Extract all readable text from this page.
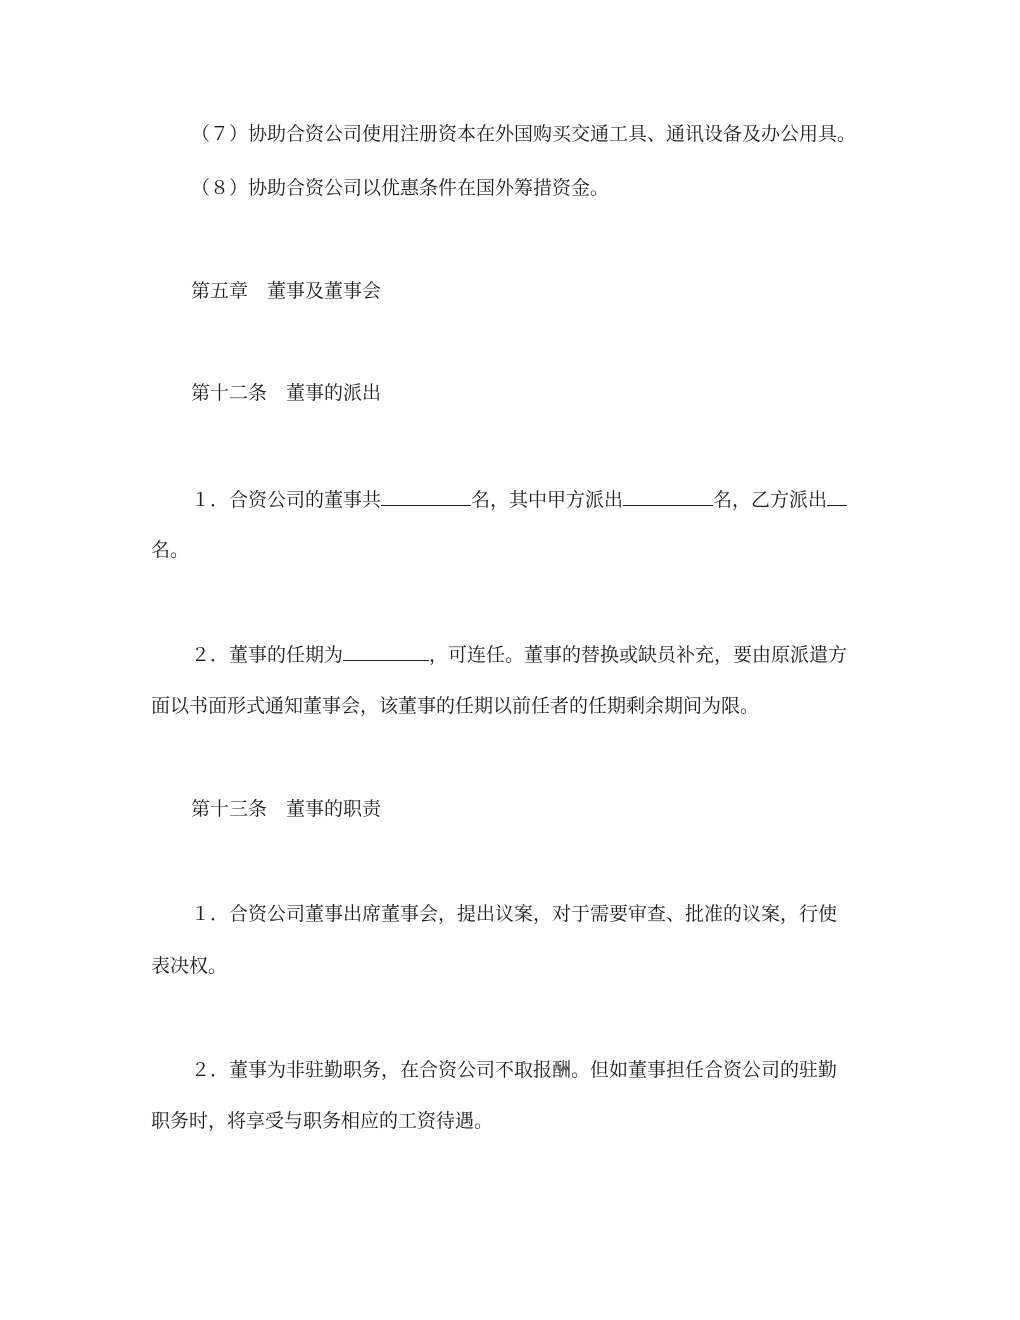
（７）协助合资公司使用注册资本在外国购买交通工具、通讯设备及办公用具。
（８）协助合资公司以优惠条件在国外筹措资金。
第五章　董事及董事会
第十二条　董事的派出
１．合资公司的董事共	名，其中甲方派出	名，乙方派出
名。
２．董事的任期为	，可连任。董事的替换或缺员补充，要由原派遣方
面以书面形式通知董事会，该董事的任期以前任者的任期剩余期间为限。
第十三条　董事的职责
１．合资公司董事出席董事会，提出议案，对于需要审查、批准的议案，行使
表决权。
２．董事为非驻勤职务，在合资公司不取报酬。但如董事担任合资公司的驻勤
职务时，将享受与职务相应的工资待遇。
